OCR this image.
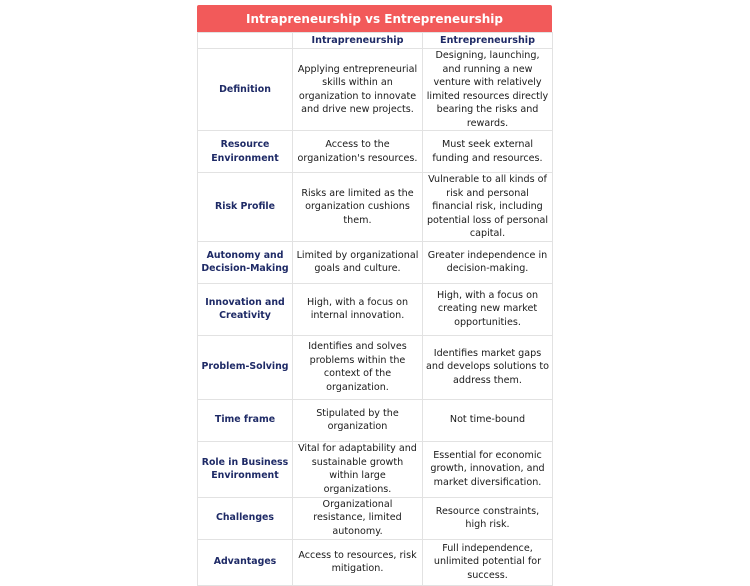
Intrapreneurship vs Entrepreneurship
	Intrapreneurship	Entrepreneurship
Definition	Applying entrepreneurial skills within an organization to innovate and drive new projects.	Designing, launching, and running a new venture with relatively limited resources directly bearing the risks and rewards.
Resource Environment	Access to the organization's resources.	Must seek external funding and resources.
Risk Profile	Risks are limited as the organization cushions them.	Vulnerable to all kinds of risk and personal financial risk, including potential loss of personal capital.
Autonomy and Decision-Making	Limited by organizational goals and culture.	Greater independence in decision-making.
Innovation and Creativity	High, with a focus on internal innovation.	High, with a focus on creating new market opportunities.
Problem-Solving	Identifies and solves problems within the context of the organization.	Identifies market gaps and develops solutions to address them.
Time frame	Stipulated by the organization	Not time-bound
Role in Business Environment	Vital for adaptability and sustainable growth within large organizations.	Essential for economic growth, innovation, and market diversification.
Challenges	Organizational resistance, limited autonomy.	Resource constraints, high risk.
Advantages	Access to resources, risk mitigation.	Full independence, unlimited potential for success.
